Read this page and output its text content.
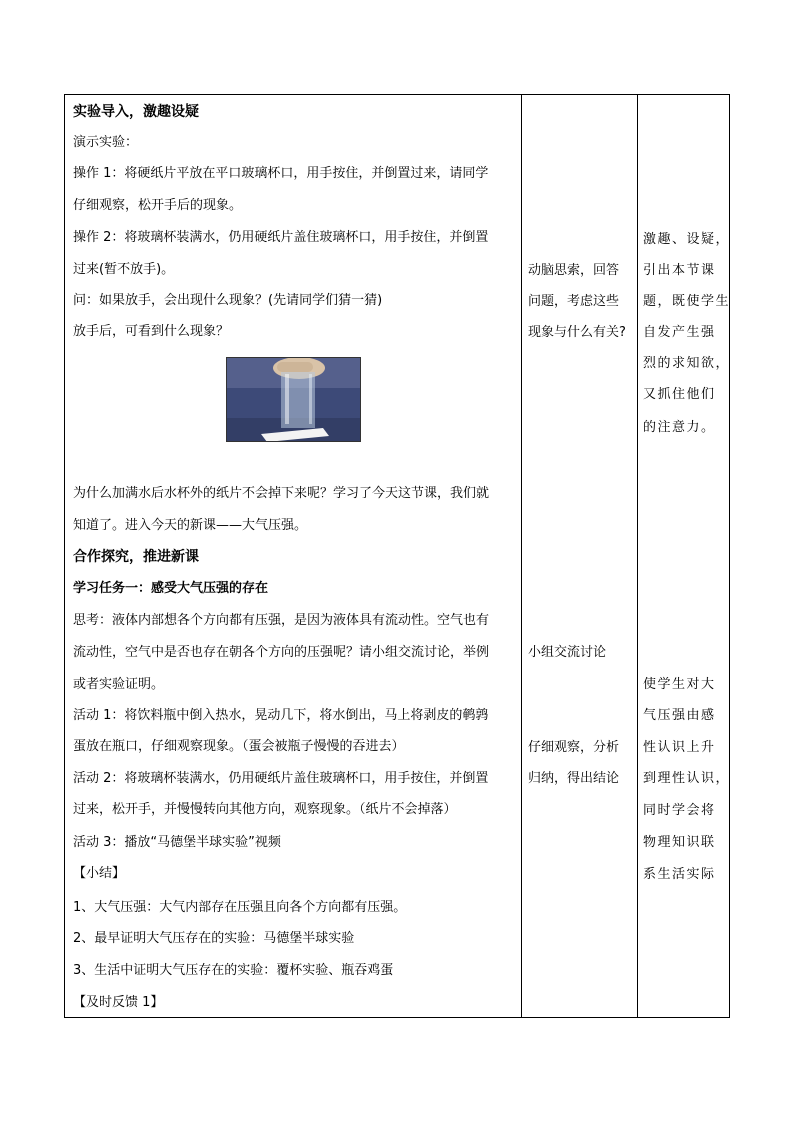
实验导入，激趣设疑
演示实验：
操作 1：将硬纸片平放在平口玻璃杯口，用手按住，并倒置过来，请同学
仔细观察，松开手后的现象。
操作 2：将玻璃杯装满水，仍用硬纸片盖住玻璃杯口，用手按住，并倒置
过来(暂不放手)。
问：如果放手，会出现什么现象？(先请同学们猜一猜)
放手后，可看到什么现象？
为什么加满水后水杯外的纸片不会掉下来呢？学习了今天这节课，我们就
知道了。进入今天的新课——大气压强。
合作探究，推进新课
学习任务一：感受大气压强的存在
思考：液体内部想各个方向都有压强，是因为液体具有流动性。空气也有
流动性，空气中是否也存在朝各个方向的压强呢？请小组交流讨论，举例
或者实验证明。
活动 1：将饮料瓶中倒入热水，晃动几下，将水倒出，马上将剥皮的鹌鹑
蛋放在瓶口，仔细观察现象。（蛋会被瓶子慢慢的吞进去）
活动 2：将玻璃杯装满水，仍用硬纸片盖住玻璃杯口，用手按住，并倒置
过来，松开手，并慢慢转向其他方向，观察现象。（纸片不会掉落）
活动 3：播放“马德堡半球实验”视频
【小结】
1、大气压强：大气内部存在压强且向各个方向都有压强。
2、最早证明大气压存在的实验：马德堡半球实验
3、生活中证明大气压存在的实验：覆杯实验、瓶吞鸡蛋
【及时反馈 1】
动脑思索，回答
问题，考虑这些
现象与什么有关?
小组交流讨论
仔细观察，分析
归纳，得出结论
激趣、设疑，
引出本节课
题，既使学生
自发产生强
烈的求知欲，
又抓住他们
的注意力。
使学生对大
气压强由感
性认识上升
到理性认识，
同时学会将
物理知识联
系生活实际
